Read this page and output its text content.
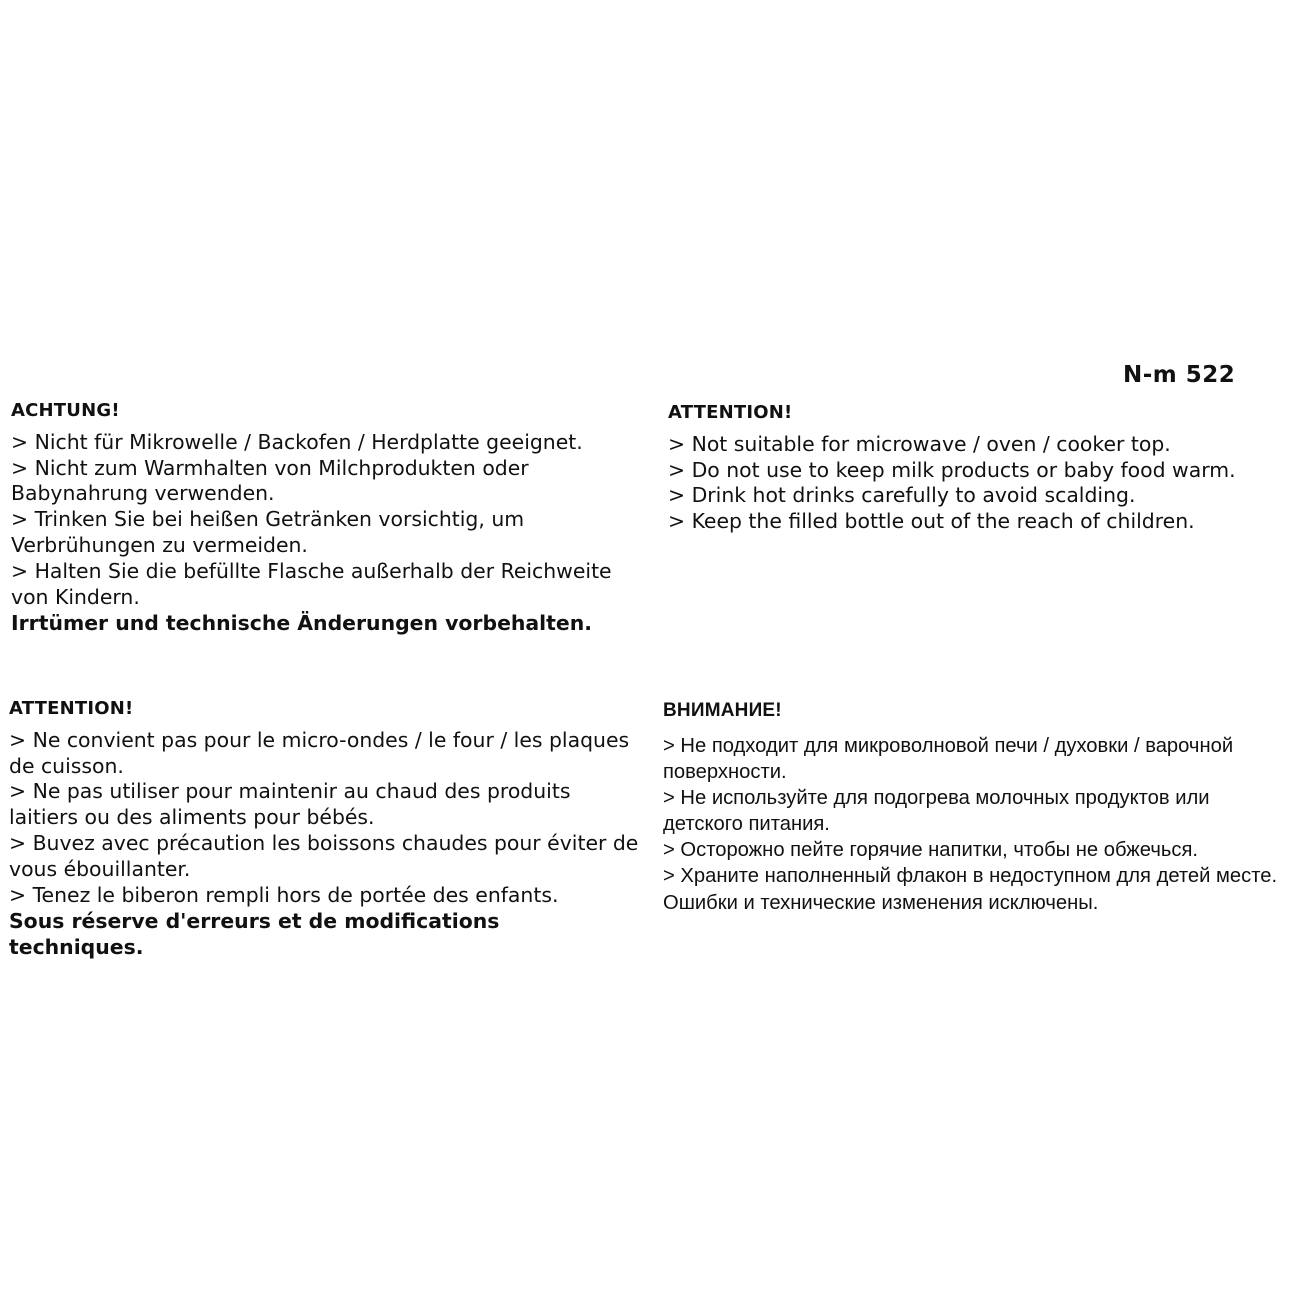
N-m 522
ACHTUNG!
> Nicht für Mikrowelle / Backofen / Herdplatte geeignet.
> Nicht zum Warmhalten von Milchprodukten oder Babynahrung verwenden.
> Trinken Sie bei heißen Getränken vorsichtig, um Verbrühungen zu vermeiden.
> Halten Sie die befüllte Flasche außerhalb der Reichweite von Kindern.
Irrtümer und technische Änderungen vorbehalten.
ATTENTION!
> Not suitable for microwave / oven / cooker top.
> Do not use to keep milk products or baby food warm.
> Drink hot drinks carefully to avoid scalding.
> Keep the filled bottle out of the reach of children.
ATTENTION!
> Ne convient pas pour le micro-ondes / le four / les plaques de cuisson.
> Ne pas utiliser pour maintenir au chaud des produits laitiers ou des aliments pour bébés.
> Buvez avec précaution les boissons chaudes pour éviter de vous ébouillanter.
> Tenez le biberon rempli hors de portée des enfants.
Sous réserve d'erreurs et de modifications techniques.
ВНИМАНИЕ!
> Не подходит для микроволновой печи / духовки / варочной поверхности.
> Не используйте для подогрева молочных продуктов или детского питания.
> Осторожно пейте горячие напитки, чтобы не обжечься.
> Храните наполненный флакон в недоступном для детей месте.
Ошибки и технические изменения исключены.
